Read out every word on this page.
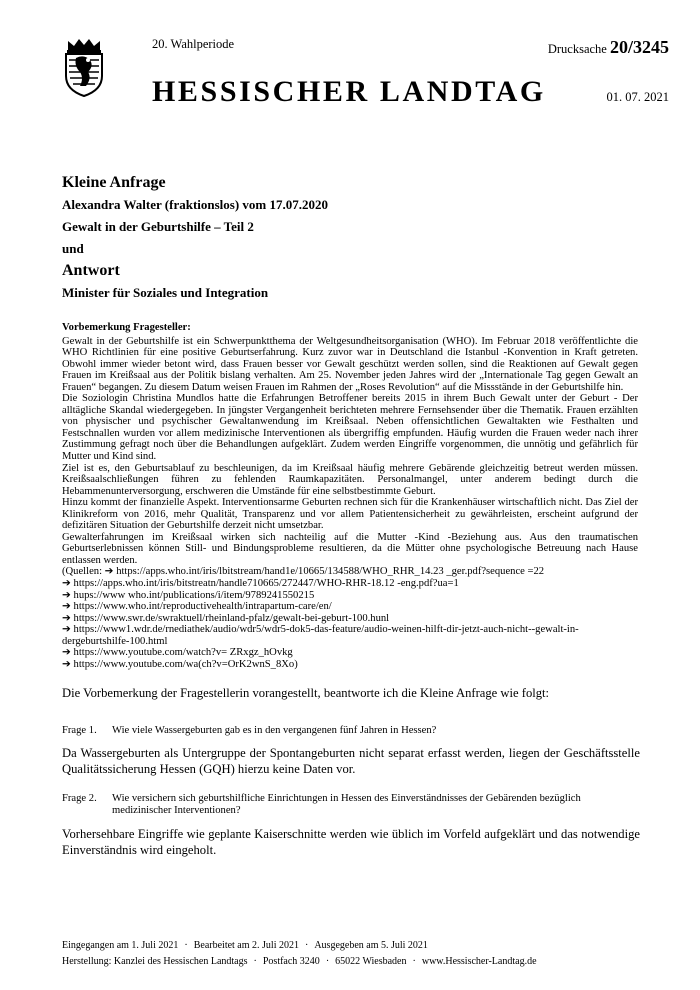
20. Wahlperiode
HESSISCHER LANDTAG
Drucksache 20/3245
01. 07. 2021
Kleine Anfrage
Alexandra Walter (fraktionslos) vom 17.07.2020
Gewalt in der Geburtshilfe – Teil 2
und
Antwort
Minister für Soziales und Integration
Vorbemerkung Fragesteller:

Gewalt in der Geburtshilfe ist ein Schwerpunktthema der Weltgesundheitsorganisation (WHO). Im Februar 2018 veröffentlichte die WHO Richtlinien für eine positive Geburtserfahrung. Kurz zuvor war in Deutschland die Istanbul -Konvention in Kraft getreten. Obwohl immer wieder betont wird, dass Frauen besser vor Gewalt geschützt werden sollen, sind die Reaktionen auf Gewalt gegen Frauen im Kreißsaal aus der Politik bislang verhalten. Am 25. November jeden Jahres wird der „Internationale Tag gegen Gewalt an Frauen“ begangen. Zu diesem Datum weisen Frauen im Rahmen der „Roses Revolution“ auf die Missstände in der Geburtshilfe hin.

Die Soziologin Christina Mundlos hatte die Erfahrungen Betroffener bereits 2015 in ihrem Buch Gewalt unter der Geburt - Der alltägliche Skandal wiedergegeben. In jüngster Vergangenheit berichteten mehrere Fernsehsender über die Thematik. Frauen erzählten von physischer und psychischer Gewaltanwendung im Kreißsaal. Neben offensichtlichen Gewaltakten wie Festhalten und Festschnallen wurden vor allem medizinische Interventionen als übergriffig empfunden. Häufig wurden die Frauen weder nach ihrer Zustimmung gefragt noch über die Behandlungen aufgeklärt. Zudem werden Eingriffe vorgenommen, die unnötig und gefährlich für Mutter und Kind sind.

Ziel ist es, den Geburtsablauf zu beschleunigen, da im Kreißsaal häufig mehrere Gebärende gleichzeitig betreut werden müssen. Kreißsaalschließungen führen zu fehlenden Raumkapazitäten. Personalmangel, unter anderem bedingt durch die Hebammenunterversorgung, erschweren die Umstände für eine selbstbestimmte Geburt.

Hinzu kommt der finanzielle Aspekt. Interventionsarme Geburten rechnen sich für die Krankenhäuser wirtschaftlich nicht. Das Ziel der Klinikreform von 2016, mehr Qualität, Transparenz und vor allem Patientensicherheit zu gewährleisten, erscheint aufgrund der defizitären Situation der Geburtshilfe derzeit nicht umsetzbar.

Gewalterfahrungen im Kreißsaal wirken sich nachteilig auf die Mutter -Kind -Beziehung aus. Aus den traumatischen Geburtserlebnissen können Still- und Bindungsprobleme resultieren, da die Mütter ohne psychologische Betreuung nach Hause entlassen werden.

(Quellen: ➔ https://apps.who.int/iris/lbitstream/hand1e/10665/134588/WHO_RHR_14.23 _ger.pdf?sequence =22
➔ https://apps.who.int/iris/bitstreatn/handle710665/272447/WHO-RHR-18.12 -eng.pdf?ua=1
➔ hups://www who.int/publications/i/item/9789241550215
➔ https://www.who.int/reproductivehealth/intrapartum-care/en/
➔ https://www.swr.de/swraktuell/rheinland-pfalz/gewalt-bei-geburt-100.hunl
➔ https://www1.wdr.de/rnediathek/audio/wdr5/wdr5-dok5-das-feature/audio-weinen-hilft-dir-jetzt-auch-nicht--gewalt-in-dergeburtshilfe-100.html
➔ https://www.youtube.com/watch?v= ZRxgz_hOvkg
➔ https://www.youtube.com/wa(ch?v=OrK2wnS_8Xo)
Die Vorbemerkung der Fragestellerin vorangestellt, beantworte ich die Kleine Anfrage wie folgt:
Frage 1. Wie viele Wassergeburten gab es in den vergangenen fünf Jahren in Hessen?
Da Wassergeburten als Untergruppe der Spontangeburten nicht separat erfasst werden, liegen der Geschäftsstelle Qualitätssicherung Hessen (GQH) hierzu keine Daten vor.
Frage 2. Wie versichern sich geburtshilfliche Einrichtungen in Hessen des Einverständnisses der Gebärenden bezüglich medizinischer Interventionen?
Vorhersehbare Eingriffe wie geplante Kaiserschnitte werden wie üblich im Vorfeld aufgeklärt und das notwendige Einverständnis wird eingeholt.
Eingegangen am 1. Juli 2021 · Bearbeitet am 2. Juli 2021 · Ausgegeben am 5. Juli 2021
Herstellung: Kanzlei des Hessischen Landtags · Postfach 3240 · 65022 Wiesbaden · www.Hessischer-Landtag.de
